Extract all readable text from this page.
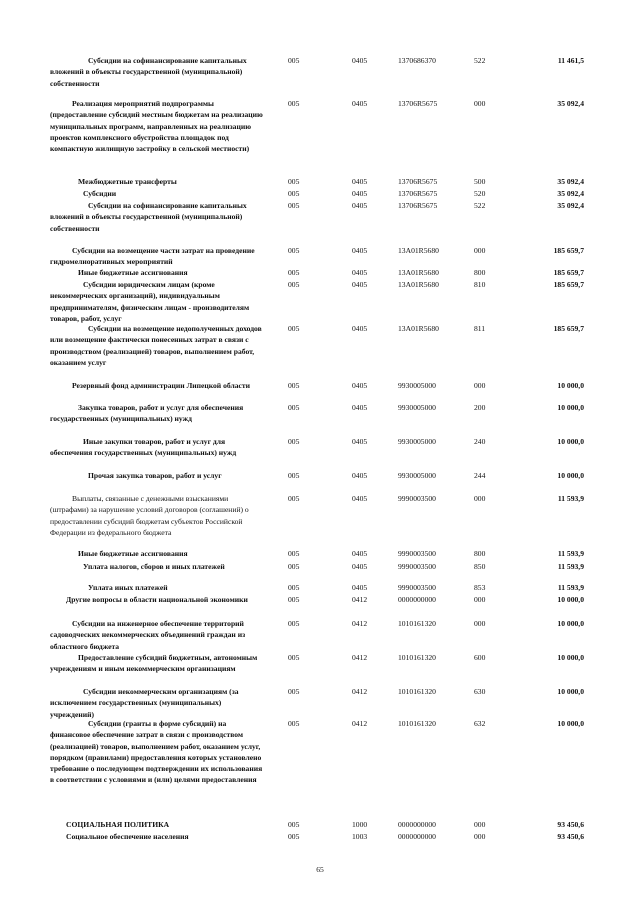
Субсидии на софинансирование капитальных вложений в объекты государственной (муниципальной) собственности
005	0405	1370686370	522	11 461,5
Реализация мероприятий подпрограммы (предоставление субсидий местным бюджетам на реализацию муниципальных программ, направленных на реализацию проектов комплексного обустройства площадок под компактную жилищную застройку в сельской местности)
005	0405	13706R5675	000	35 092,4
Межбюджетные трансферты	005	0405	13706R5675	500	35 092,4
Субсидии	005	0405	13706R5675	520	35 092,4
Субсидии на софинансирование капитальных вложений в объекты государственной (муниципальной) собственности
005	0405	13706R5675	522	35 092,4
Субсидии на возмещение части затрат на проведение гидромелиоративных мероприятий
005	0405	13А01R5680	000	185 659,7
Иные бюджетные ассигнования	005	0405	13А01R5680	800	185 659,7
Субсидии юридическим лицам (кроме некоммерческих организаций), индивидуальным предпринимателям, физическим лицам - производителям товаров, работ, услуг
005	0405	13А01R5680	810	185 659,7
Субсидии на возмещение недополученных доходов или возмещение фактически понесенных затрат в связи с производством (реализацией) товаров, выполнением работ, оказанием услуг
005	0405	13А01R5680	811	185 659,7
Резервный фонд администрации Липецкой области	005	0405	9930005000	000	10 000,0
Закупка товаров, работ и услуг для обеспечения государственных (муниципальных) нужд
005	0405	9930005000	200	10 000,0
Иные закупки товаров, работ и услуг для обеспечения государственных (муниципальных) нужд
005	0405	9930005000	240	10 000,0
Прочая закупка товаров, работ и услуг	005	0405	9930005000	244	10 000,0
Выплаты, связанные с денежными взысканиями (штрафами) за нарушение условий договоров (соглашений) о предоставлении субсидий бюджетам субъектов Российской Федерации из федерального бюджета
005	0405	9990003500	000	11 593,9
Иные бюджетные ассигнования	005	0405	9990003500	800	11 593,9
Уплата налогов, сборов и иных платежей	005	0405	9990003500	850	11 593,9
Уплата иных платежей	005	0405	9990003500	853	11 593,9
Другие вопросы в области национальной экономики	005	0412	0000000000	000	10 000,0
Субсидии на инженерное обеспечение территорий садоводческих некоммерческих объединений граждан из областного бюджета
005	0412	1010161320	000	10 000,0
Предоставление субсидий бюджетным, автономным учреждениям и иным некоммерческим организациям
005	0412	1010161320	600	10 000,0
Субсидии некоммерческим организациям (за исключением государственных (муниципальных) учреждений)
005	0412	1010161320	630	10 000,0
Субсидии (гранты в форме субсидий) на финансовое обеспечение затрат в связи с производством (реализацией) товаров, выполнением работ, оказанием услуг, порядком (правилами) предоставления которых установлено требование о последующем подтверждении их использования в соответствии с условиями и (или) целями предоставления
005	0412	1010161320	632	10 000,0
СОЦИАЛЬНАЯ ПОЛИТИКА	005	1000	0000000000	000	93 450,6
Социальное обеспечение населения	005	1003	0000000000	000	93 450,6
65
